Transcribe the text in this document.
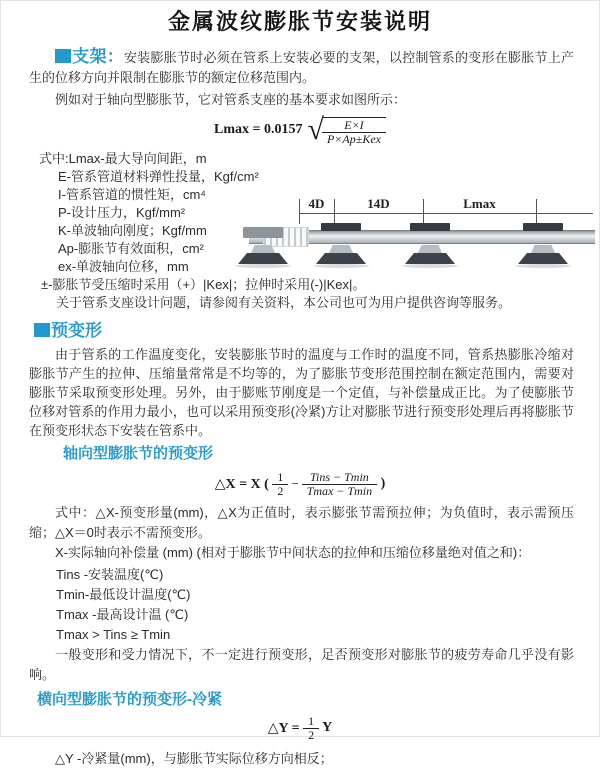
金属波纹膨胀节安装说明
支架：安装膨胀节时必须在管系上安装必要的支架，以控制管系的变形在膨胀节上产生的位移方向并限制在膨胀节的额定位移范围内。
例如对于轴向型膨胀节，它对管系支座的基本要求如图所示：
Lmax = 0.0157 √
$\frac{E\times I}{\text{P×Ap±Kex}}$
式中:Lmax-最大导向间距，m
E-管系管道材料弹性投量，Kgf/cm²
I-管系管道的惯性矩，cm⁴
P-设计压力，Kgf/mm²
K-单波轴向刚度；Kgf/mm
Ap-膨胀节有效面积，cm²
ex-单波轴向位移，mm
±-膨胀节受压缩时采用（+）|Kex|；拉伸时采用(-)|Kex|。
关于管系支座设计问题，请参阅有关资料，本公司也可为用户提供咨询等服务。
4D	14D	Lmax
预变形
由于管系的工作温度变化，安装膨胀节时的温度与工作时的温度不同，管系热膨胀冷缩对膨胀节产生的拉伸、压缩量常常是不均等的，为了膨胀节变形范围控制在额定范围内，需要对膨胀节采取预变形处理。另外，由于膨账节刚度是一个定值，与补偿量成正比。为了使膨胀节位移对管系的作用力最小，也可以采用预变形(冷紧)方让对膨胀节进行预变形处理后再将膨胀节在预变形状态下安装在管系中。
轴向型膨胀节的预变形
△X = X ( $\frac{1}{2} - \frac{\text{Tins − Tmin}}{Tmax - Tmin}$ )
式中：△X-预变形量(mm)，△X为正值时，表示膨张节需预拉伸；为负值时，表示需预压缩；△X＝0时表示不需预变形。
X-实际轴向补偿量 (mm) (相对于膨胀节中间状态的拉伸和压缩位移量绝对值之和)：
Tins -安装温度(℃)
Tmin-最低设计温度(℃)
Tmax -最高设计温 (℃)
Tmax > Tins ≥ Tmin
一般变形和受力情况下，不一定进行预变形，足否预变形对膨胀节的疲劳寿命几乎没有影响。
横向型膨胀节的预变形-冷紧
△Y = $\frac{1}{2}$ Y
△Y -冷紧量(mm)，与膨胀节实际位移方向相反；
